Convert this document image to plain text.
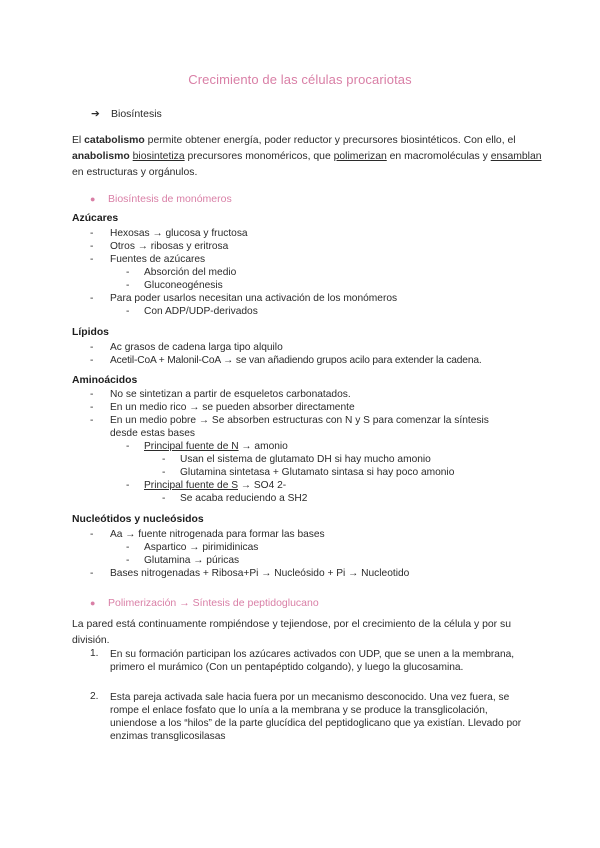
Crecimiento de las células procariotas
➔ Biosíntesis

El catabolismo permite obtener energía, poder reductor y precursores biosintéticos. Con ello, el anabolismo biosintetiza precursores monoméricos, que polimerizan en macromoléculas y ensamblan en estructuras y orgánulos.

● Biosíntesis de monómeros
Azúcares
- Hexosas → glucosa y fructosa
- Otros → ribosas y eritrosa
- Fuentes de azúcares
- Absorción del medio
- Gluconeogénesis
- Para poder usarlos necesitan una activación de los monómeros
- Con ADP/UDP-derivados
Lípidos
- Ac grasos de cadena larga tipo alquilo
- Acetil-CoA + Malonil-CoA → se van añadiendo grupos acilo para extender la cadena.
Aminoácidos
- No se sintetizan a partir de esqueletos carbonatados.
- En un medio rico → se pueden absorber directamente
- En un medio pobre → Se absorben estructuras con N y S para comenzar la síntesis
desde estas bases
- Principal fuente de N → amonio
- Usan el sistema de glutamato DH si hay mucho amonio
- Glutamina sintetasa + Glutamato sintasa si hay poco amonio
- Principal fuente de S → SO4 2-
- Se acaba reduciendo a SH2
Nucleótidos y nucleósidos
- Aa → fuente nitrogenada para formar las bases
- Aspartico → pirimidinicas
- Glutamina → púricas
- Bases nitrogenadas + Ribosa+Pi → Nucleósido + Pi → Nucleotido
● Polimerización → Síntesis de peptidoglucano

La pared está continuamente rompiéndose y tejiendose, por el crecimiento de la célula y por su división.

1. En su formación participan los azúcares activados con UDP, que se unen a la membrana, primero el murámico (Con un pentapéptido colgando), y luego la glucosamina.
2. Esta pareja activada sale hacia fuera por un mecanismo desconocido. Una vez fuera, se rompe el enlace fosfato que lo unía a la membrana y se produce la transglicolación, uniendose a los “hilos” de la parte glucídica del peptidoglicano que ya existían. Llevado por enzimas transglicosilasas
